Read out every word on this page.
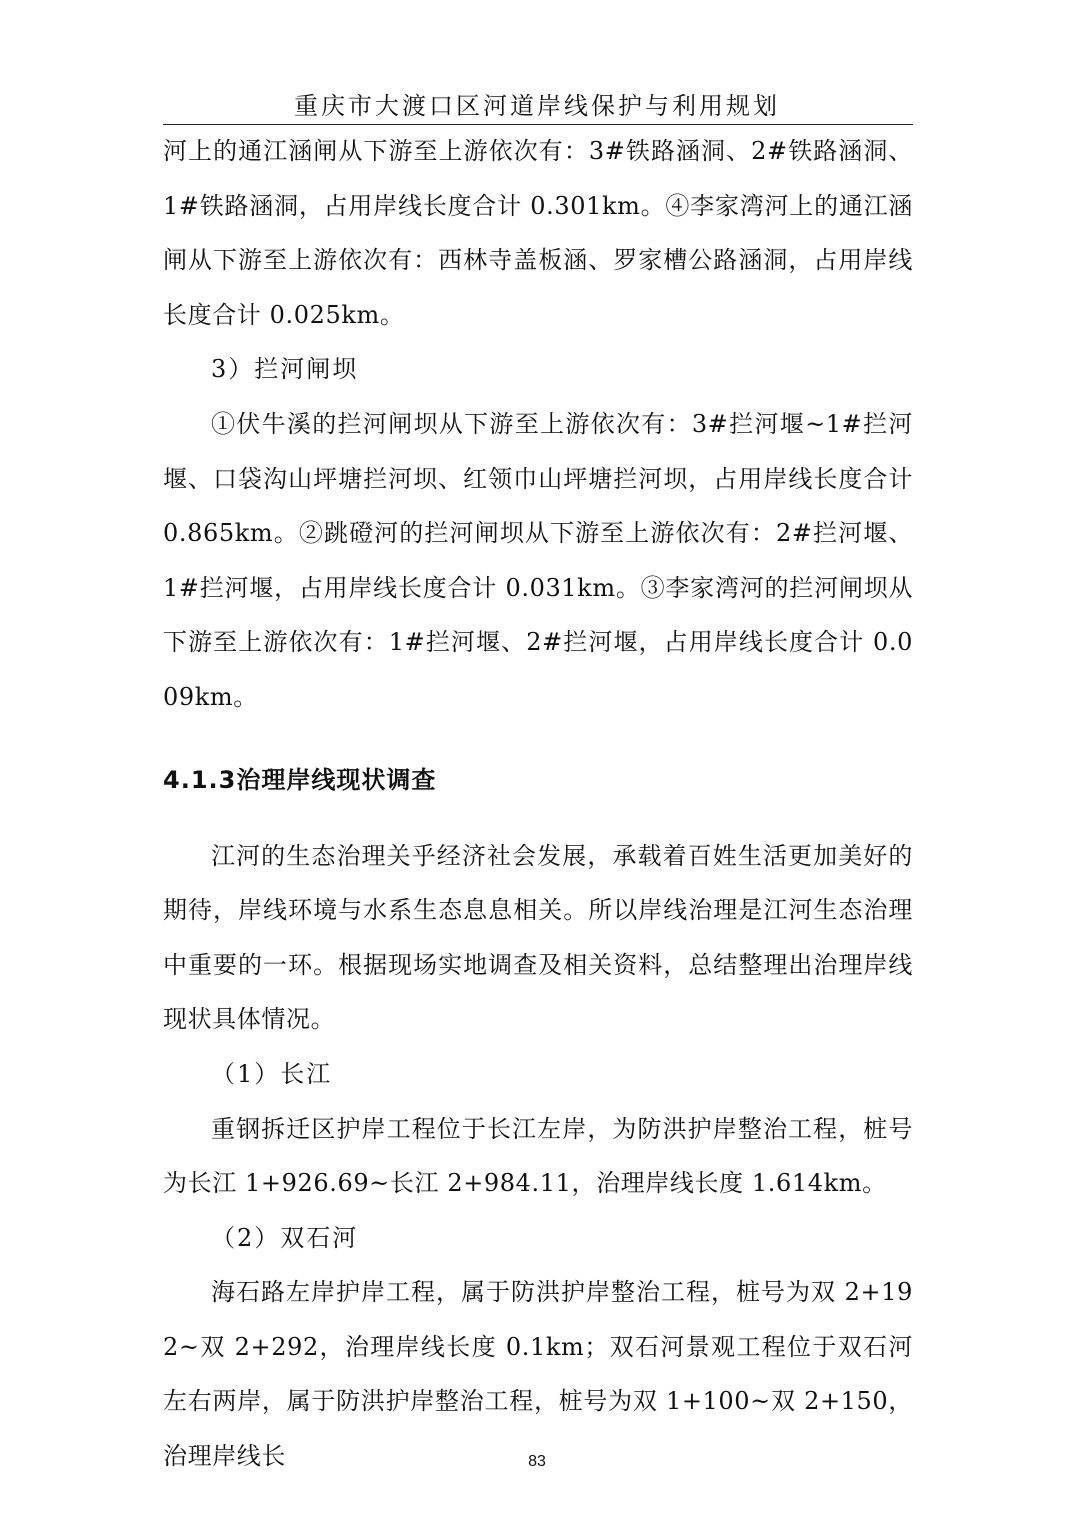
重庆市大渡口区河道岸线保护与利用规划

河上的通江涵闸从下游至上游依次有：3#铁路涵洞、2#铁路涵洞、1#铁路涵洞，占用岸线长度合计 0.301km。④李家湾河上的通江涵闸从下游至上游依次有：西林寺盖板涵、罗家槽公路涵洞，占用岸线长度合计 0.025km。

3）拦河闸坝

①伏牛溪的拦河闸坝从下游至上游依次有：3#拦河堰~1#拦河堰、口袋沟山坪塘拦河坝、红领巾山坪塘拦河坝，占用岸线长度合计 0.865km。②跳磴河的拦河闸坝从下游至上游依次有：2#拦河堰、1#拦河堰，占用岸线长度合计 0.031km。③李家湾河的拦河闸坝从下游至上游依次有：1#拦河堰、2#拦河堰，占用岸线长度合计 0.009km。

4.1.3治理岸线现状调查

江河的生态治理关乎经济社会发展，承载着百姓生活更加美好的期待，岸线环境与水系生态息息相关。所以岸线治理是江河生态治理中重要的一环。根据现场实地调查及相关资料，总结整理出治理岸线现状具体情况。

（1）长江

重钢拆迁区护岸工程位于长江左岸，为防洪护岸整治工程，桩号为长江 1+926.69~长江 2+984.11，治理岸线长度 1.614km。

（2）双石河

海石路左岸护岸工程，属于防洪护岸整治工程，桩号为双 2+192~双 2+292，治理岸线长度 0.1km；双石河景观工程位于双石河左右两岸，属于防洪护岸整治工程，桩号为双 1+100~双 2+150，治理岸线长	83
